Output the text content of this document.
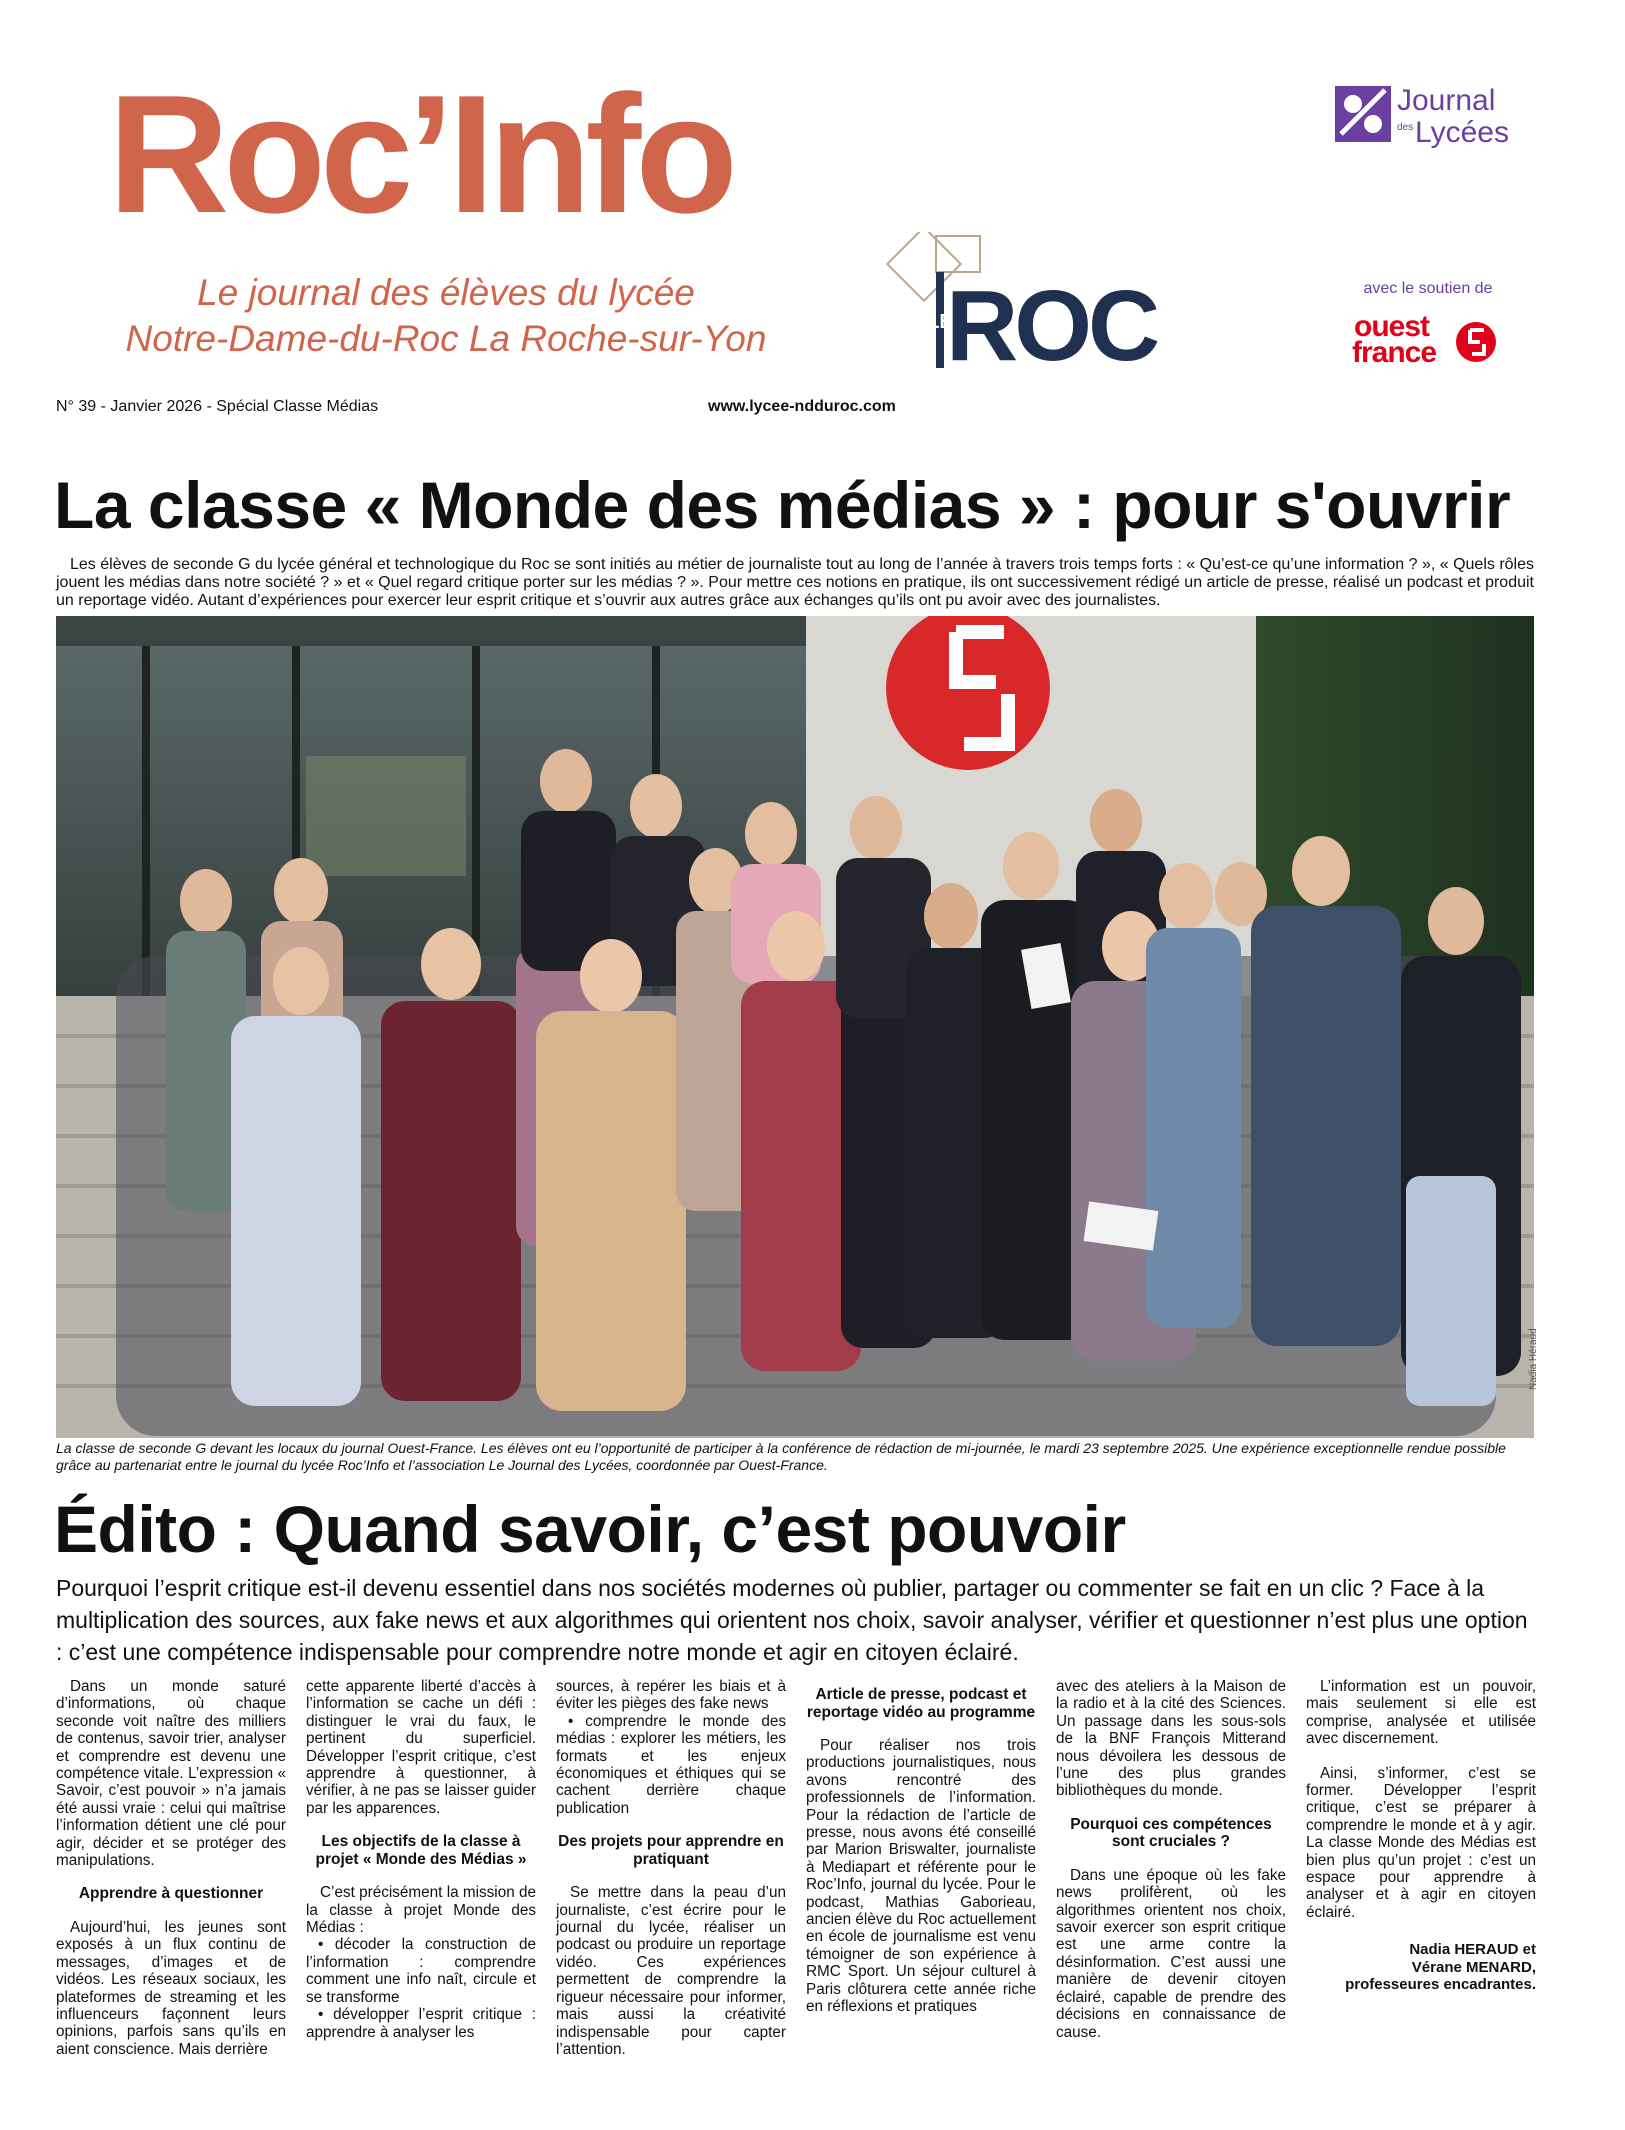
Roc’Info
Le journal des élèves du lycée
Notre-Dame-du-Roc La Roche-sur-Yon	LE
ROC
Journal
des Lycées
avec le soutien de
ouest
france
N° 39 - Janvier 2026 - Spécial Classe Médias	www.lycee-ndduroc.com
La classe « Monde des médias » : pour s'ouvrir

Les élèves de seconde G du lycée général et technologique du Roc se sont initiés au métier de journaliste tout au long de l’année à travers trois temps forts : « Qu’est-ce qu’une information ? », « Quels rôles jouent les médias dans notre société ? » et « Quel regard critique porter sur les médias ? ». Pour mettre ces notions en pratique, ils ont successivement rédigé un article de presse, réalisé un podcast et produit un reportage vidéo. Autant d’expériences pour exercer leur esprit critique et s’ouvrir aux autres grâce aux échanges qu’ils ont pu avoir avec des journalistes.

Nadia Héraud

La classe de seconde G devant les locaux du journal Ouest-France. Les élèves ont eu l’opportunité de participer à la conférence de rédaction de mi-journée, le mardi 23 septembre 2025. Une expérience exceptionnelle rendue possible grâce au partenariat entre le journal du lycée Roc’Info et l’association Le Journal des Lycées, coordonnée par Ouest-France.

Édito : Quand savoir, c’est pouvoir

Pourquoi l’esprit critique est-il devenu essentiel dans nos sociétés modernes où publier, partager ou commenter se fait en un clic ? Face à la multiplication des sources, aux fake news et aux algorithmes qui orientent nos choix, savoir analyser, vérifier et questionner n’est plus une option : c’est une compétence indispensable pour comprendre notre monde et agir en citoyen éclairé.

Dans un monde saturé d’informations, où chaque seconde voit naître des milliers de contenus, savoir trier, analyser et comprendre est devenu une compétence vitale. L’expression « Savoir, c’est pouvoir » n’a jamais été aussi vraie : celui qui maîtrise l’information détient une clé pour agir, décider et se protéger des manipulations.

Apprendre à questionner

Aujourd’hui, les jeunes sont exposés à un flux continu de messages, d’images et de vidéos. Les réseaux sociaux, les plateformes de streaming et les influenceurs façonnent leurs opinions, parfois sans qu’ils en aient conscience. Mais derrière

cette apparente liberté d’accès à l’information se cache un défi : distinguer le vrai du faux, le pertinent du superficiel. Développer l’esprit critique, c’est apprendre à questionner, à vérifier, à ne pas se laisser guider par les apparences.

Les objectifs de la classe à projet « Monde des Médias »

C’est précisément la mission de la classe à projet Monde des Médias :

• décoder la construction de l’information : comprendre comment une info naît, circule et se transforme

• développer l’esprit critique : apprendre à analyser les

sources, à repérer les biais et à éviter les pièges des fake news

• comprendre le monde des médias : explorer les métiers, les formats et les enjeux économiques et éthiques qui se cachent derrière chaque publication

Des projets pour apprendre en pratiquant

Se mettre dans la peau d’un journaliste, c’est écrire pour le journal du lycée, réaliser un podcast ou produire un reportage vidéo. Ces expériences permettent de comprendre la rigueur nécessaire pour informer, mais aussi la créativité indispensable pour capter l’attention.

Article de presse, podcast et reportage vidéo au programme

Pour réaliser nos trois productions journalistiques, nous avons rencontré des professionnels de l’information. Pour la rédaction de l’article de presse, nous avons été conseillé par Marion Briswalter, journaliste à Mediapart et référente pour le Roc’Info, journal du lycée. Pour le podcast, Mathias Gaborieau, ancien élève du Roc actuellement en école de journalisme est venu témoigner de son expérience à RMC Sport. Un séjour culturel à Paris clôturera cette année riche en réflexions et pratiques

avec des ateliers à la Maison de la radio et à la cité des Sciences. Un passage dans les sous-sols de la BNF François Mitterand nous dévoilera les dessous de l’une des plus grandes bibliothèques du monde.

Pourquoi ces compétences sont cruciales ?

Dans une époque où les fake news prolifèrent, où les algorithmes orientent nos choix, savoir exercer son esprit critique est une arme contre la désinformation. C’est aussi une manière de devenir citoyen éclairé, capable de prendre des décisions en connaissance de cause.

L’information est un pouvoir, mais seulement si elle est comprise, analysée et utilisée avec discernement.

Ainsi, s’informer, c’est se former. Développer l’esprit critique, c’est se préparer à comprendre le monde et à y agir. La classe Monde des Médias est bien plus qu’un projet : c’est un espace pour apprendre à analyser et à agir en citoyen éclairé.

Nadia HERAUD et
Vérane MENARD,
professeures encadrantes.
